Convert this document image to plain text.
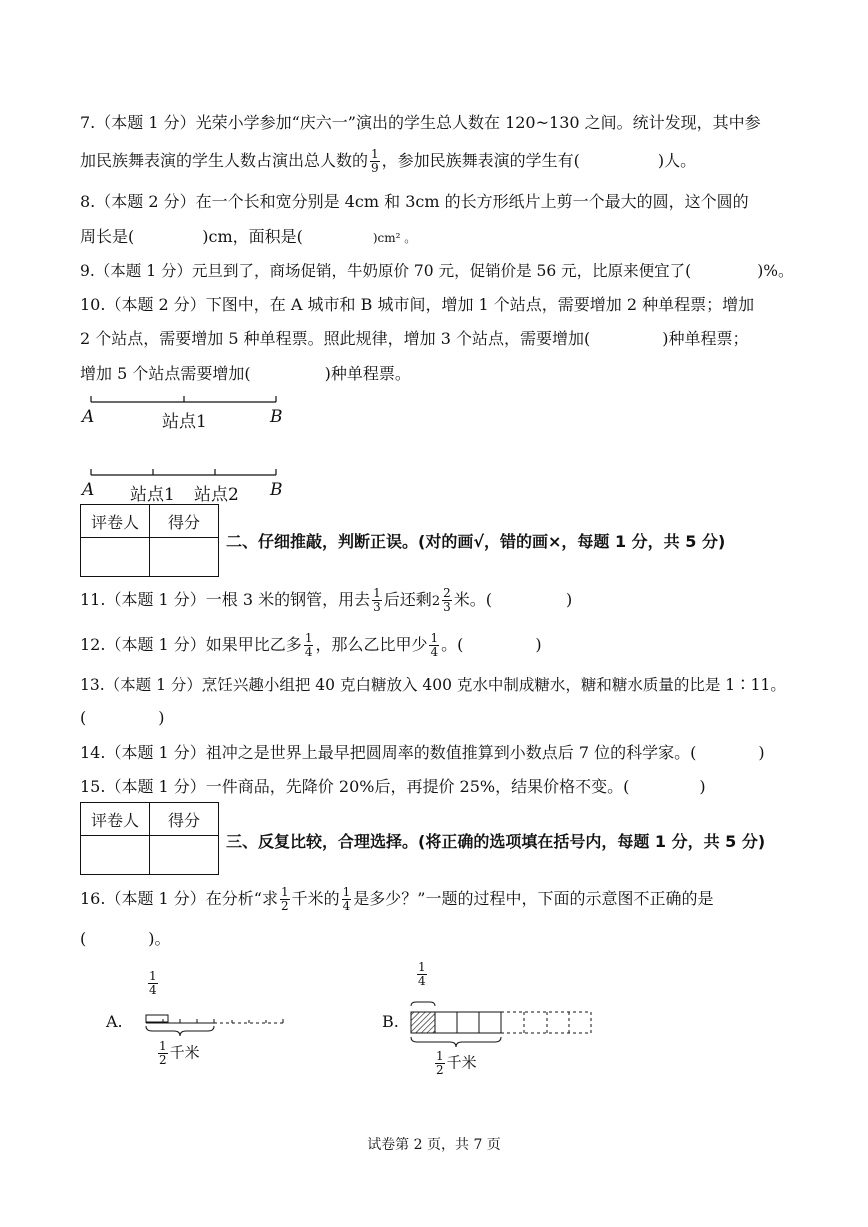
7.（本题 1 分）光荣小学参加“庆六一”演出的学生总人数在 120~130 之间。统计发现，其中参
加民族舞表演的学生人数占演出总人数的 $\frac{1}{9}$ ，参加民族舞表演的学生有(	)人。
8.（本题 2 分）在一个长和宽分别是 4cm 和 3cm 的长方形纸片上剪一个最大的圆，这个圆的
周长是(	)cm，面积是(	)cm² 。
9.（本题 1 分）元旦到了，商场促销，牛奶原价 70 元，促销价是 56 元，比原来便宜了(	)%。
10.（本题 2 分）下图中，在 A 城市和 B 城市间，增加 1 个站点，需要增加 2 种单程票；增加
2 个站点，需要增加 5 种单程票。照此规律，增加 3 个站点，需要增加(	)种单程票；
增加 5 个站点需要增加(	)种单程票。
A	站点1	B
A 站点1 站点2 B
评卷人	得分

二、仔细推敲，判断正误。(对的画√，错的画×，每题 1 分，共 5 分)
11.（本题 1 分）一根 3 米的钢管，用去 $\frac{1}{3}$ 后还剩$2 \frac{2}{3}$ 米。(	)
12.（本题 1 分）如果甲比乙多 $\frac{1}{4}$ ，那么乙比甲少 $\frac{1}{4}$ 。(	)
13.（本题 1 分）烹饪兴趣小组把 40 克白糖放入 400 克水中制成糖水，糖和糖水质量的比是 1∶11。
(	)
14.（本题 1 分）祖冲之是世界上最早把圆周率的数值推算到小数点后 7 位的科学家。(	)
15.（本题 1 分）一件商品，先降价 20%后，再提价 25%，结果价格不变。(	)
评卷人	得分

三、反复比较，合理选择。(将正确的选项填在括号内，每题 1 分，共 5 分)
16.（本题 1 分）在分析“求 $\frac{1}{2}$ 千米的 $\frac{1}{4}$ 是多少？”一题的过程中，下面的示意图不正确的是
(	)。
A.
$\frac{1}{4}$
$\frac{1}{2}$ 千米
B.
$\frac{1}{4}$
$\frac{1}{2}$ 千米
试卷第 2 页，共 7 页
